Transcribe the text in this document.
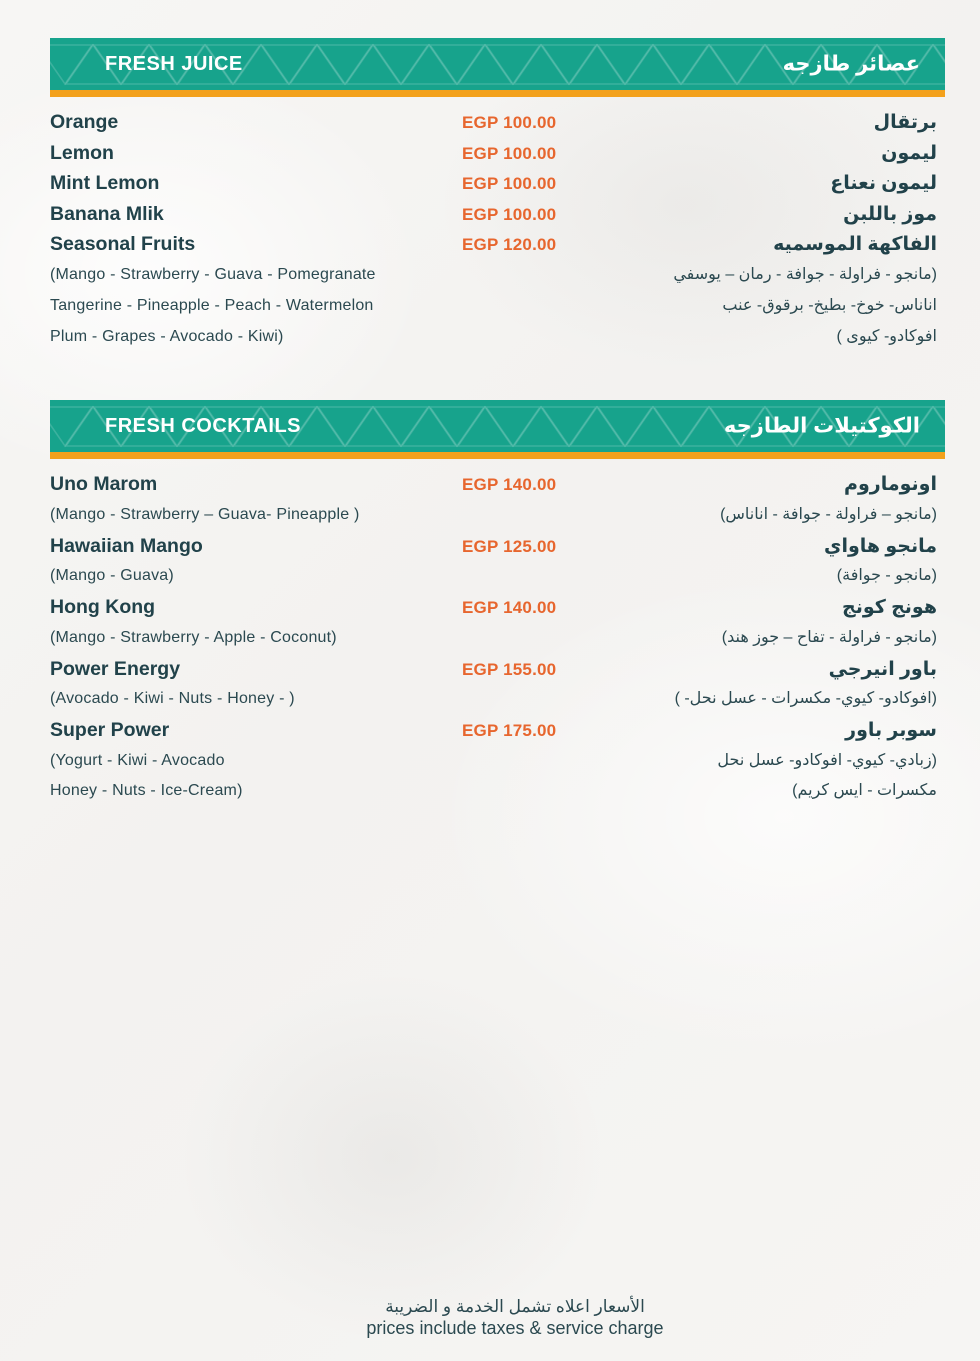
FRESH JUICE	عصائر طازجه
Orange	EGP 100.00	برتقال
Lemon	EGP 100.00	ليمون
Mint Lemon	EGP 100.00	ليمون نعناع
Banana Mlik	EGP 100.00	موز باللبن
Seasonal Fruits	EGP 120.00	الفاكهة الموسميه
(Mango - Strawberry - Guava - Pomegranate	(مانجو - فراولة - جوافة - رمان – يوسفي
Tangerine - Pineapple - Peach - Watermelon	اناناس- خوخ- بطيخ- برقوق- عنب
Plum - Grapes - Avocado - Kiwi)	افوكادو- كيوى )
FRESH COCKTAILS	الكوكتيلات الطازجه
Uno Marom	EGP 140.00	اونوماروم
(Mango - Strawberry – Guava- Pineapple )	(مانجو – فراولة - جوافة - اناناس)
Hawaiian Mango	EGP 125.00	مانجو هاواي
(Mango - Guava)	(مانجو - جوافة)
Hong Kong	EGP 140.00	هونج كونج
(Mango - Strawberry - Apple - Coconut)	(مانجو - فراولة - تفاح – جوز هند)
Power Energy	EGP 155.00	باور انيرجي
(Avocado - Kiwi - Nuts - Honey - )	(افوكادو- كيوي- مكسرات - عسل نحل- )
Super Power	EGP 175.00	سوبر باور
(Yogurt - Kiwi - Avocado	(زبادي- كيوي- افوكادو- عسل نحل
Honey - Nuts - Ice-Cream)	مكسرات - ايس كريم)
الأسعار اعلاه تشمل الخدمة و الضريبة
prices include taxes & service charge
